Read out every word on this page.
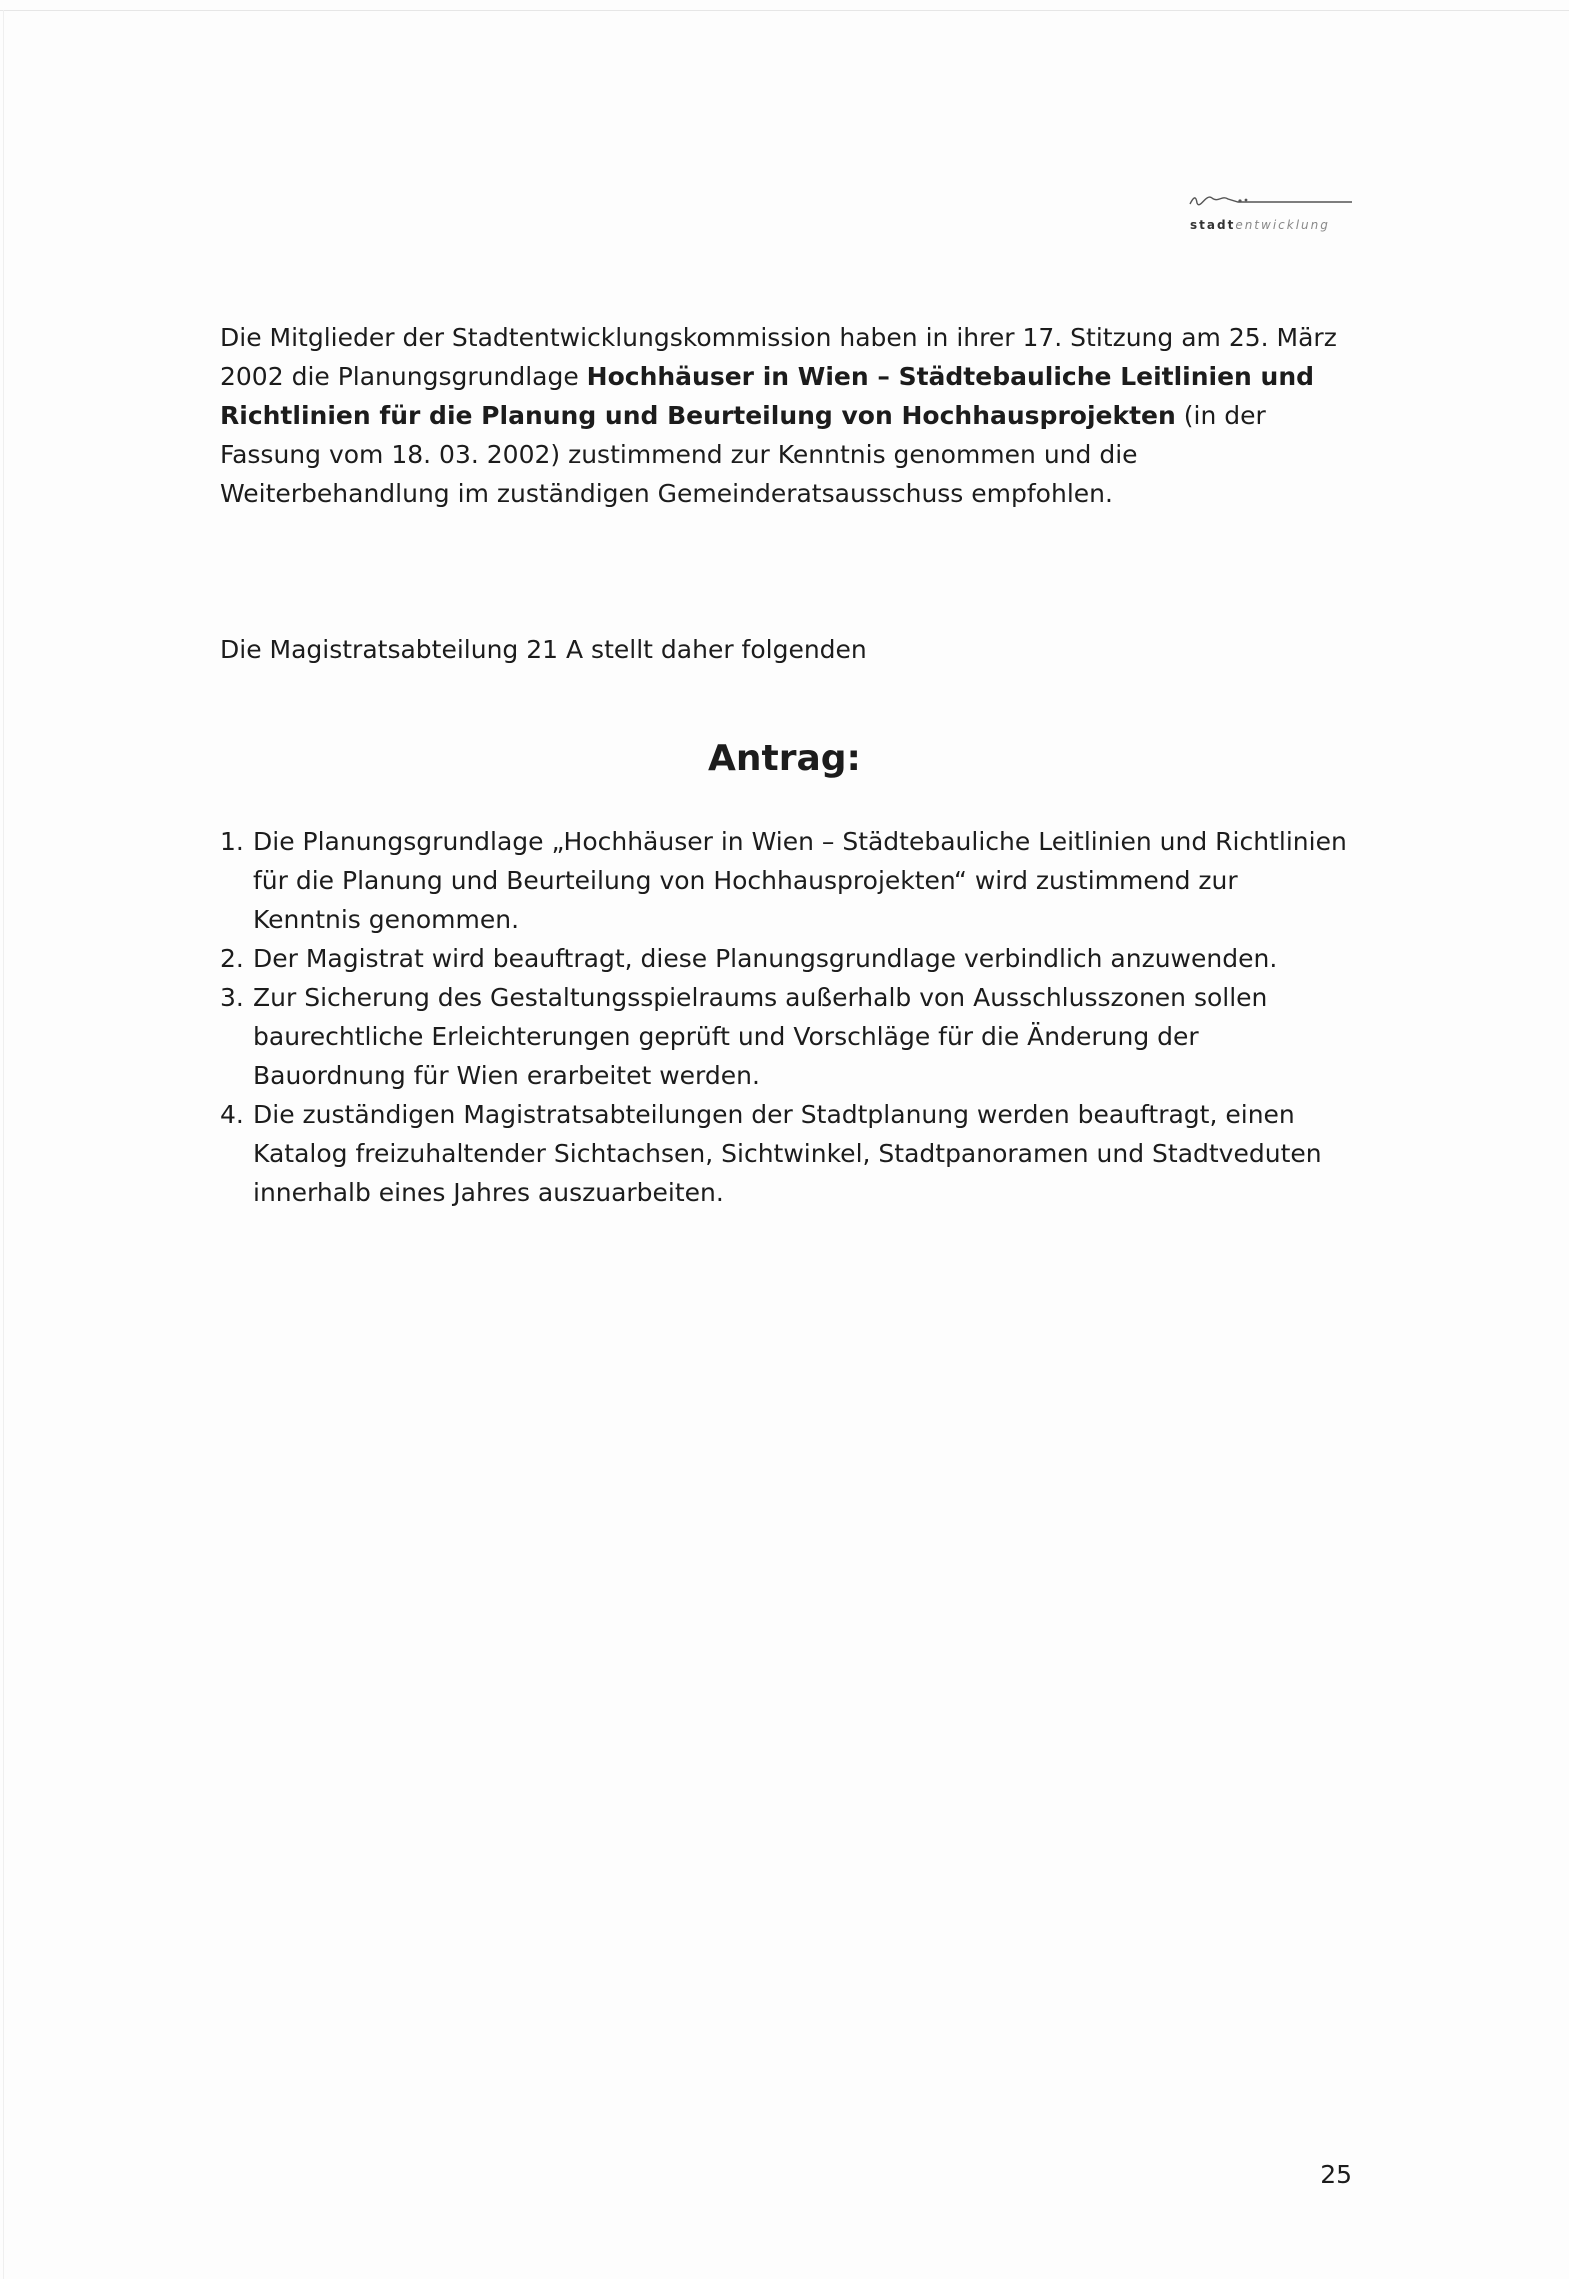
stadtentwicklung

Die Mitglieder der Stadtentwicklungskommission haben in ihrer 17. Stitzung am 25. März 2002 die Planungsgrundlage Hochhäuser in Wien – Städtebauliche Leitlinien und Richtlinien für die Planung und Beurteilung von Hochhausprojekten (in der Fassung vom 18. 03. 2002) zustimmend zur Kenntnis genommen und die Weiterbehandlung im zuständigen Gemeinderatsausschuss empfohlen.

Die Magistratsabteilung 21 A stellt daher folgenden

Antrag:
1. Die Planungsgrundlage „Hochhäuser in Wien – Städtebauliche Leitlinien und Richtlinien für die Planung und Beurteilung von Hochhausprojekten“ wird zustimmend zur Kenntnis genommen.
2. Der Magistrat wird beauftragt, diese Planungsgrundlage verbindlich anzuwenden.
3. Zur Sicherung des Gestaltungsspielraums außerhalb von Ausschlusszonen sollen baurechtliche Erleichterungen geprüft und Vorschläge für die Änderung der Bauordnung für Wien erarbeitet werden.
4. Die zuständigen Magistratsabteilungen der Stadtplanung werden beauftragt, einen Katalog freizuhaltender Sichtachsen, Sichtwinkel, Stadtpanoramen und Stadtveduten innerhalb eines Jahres auszuarbeiten.

25
